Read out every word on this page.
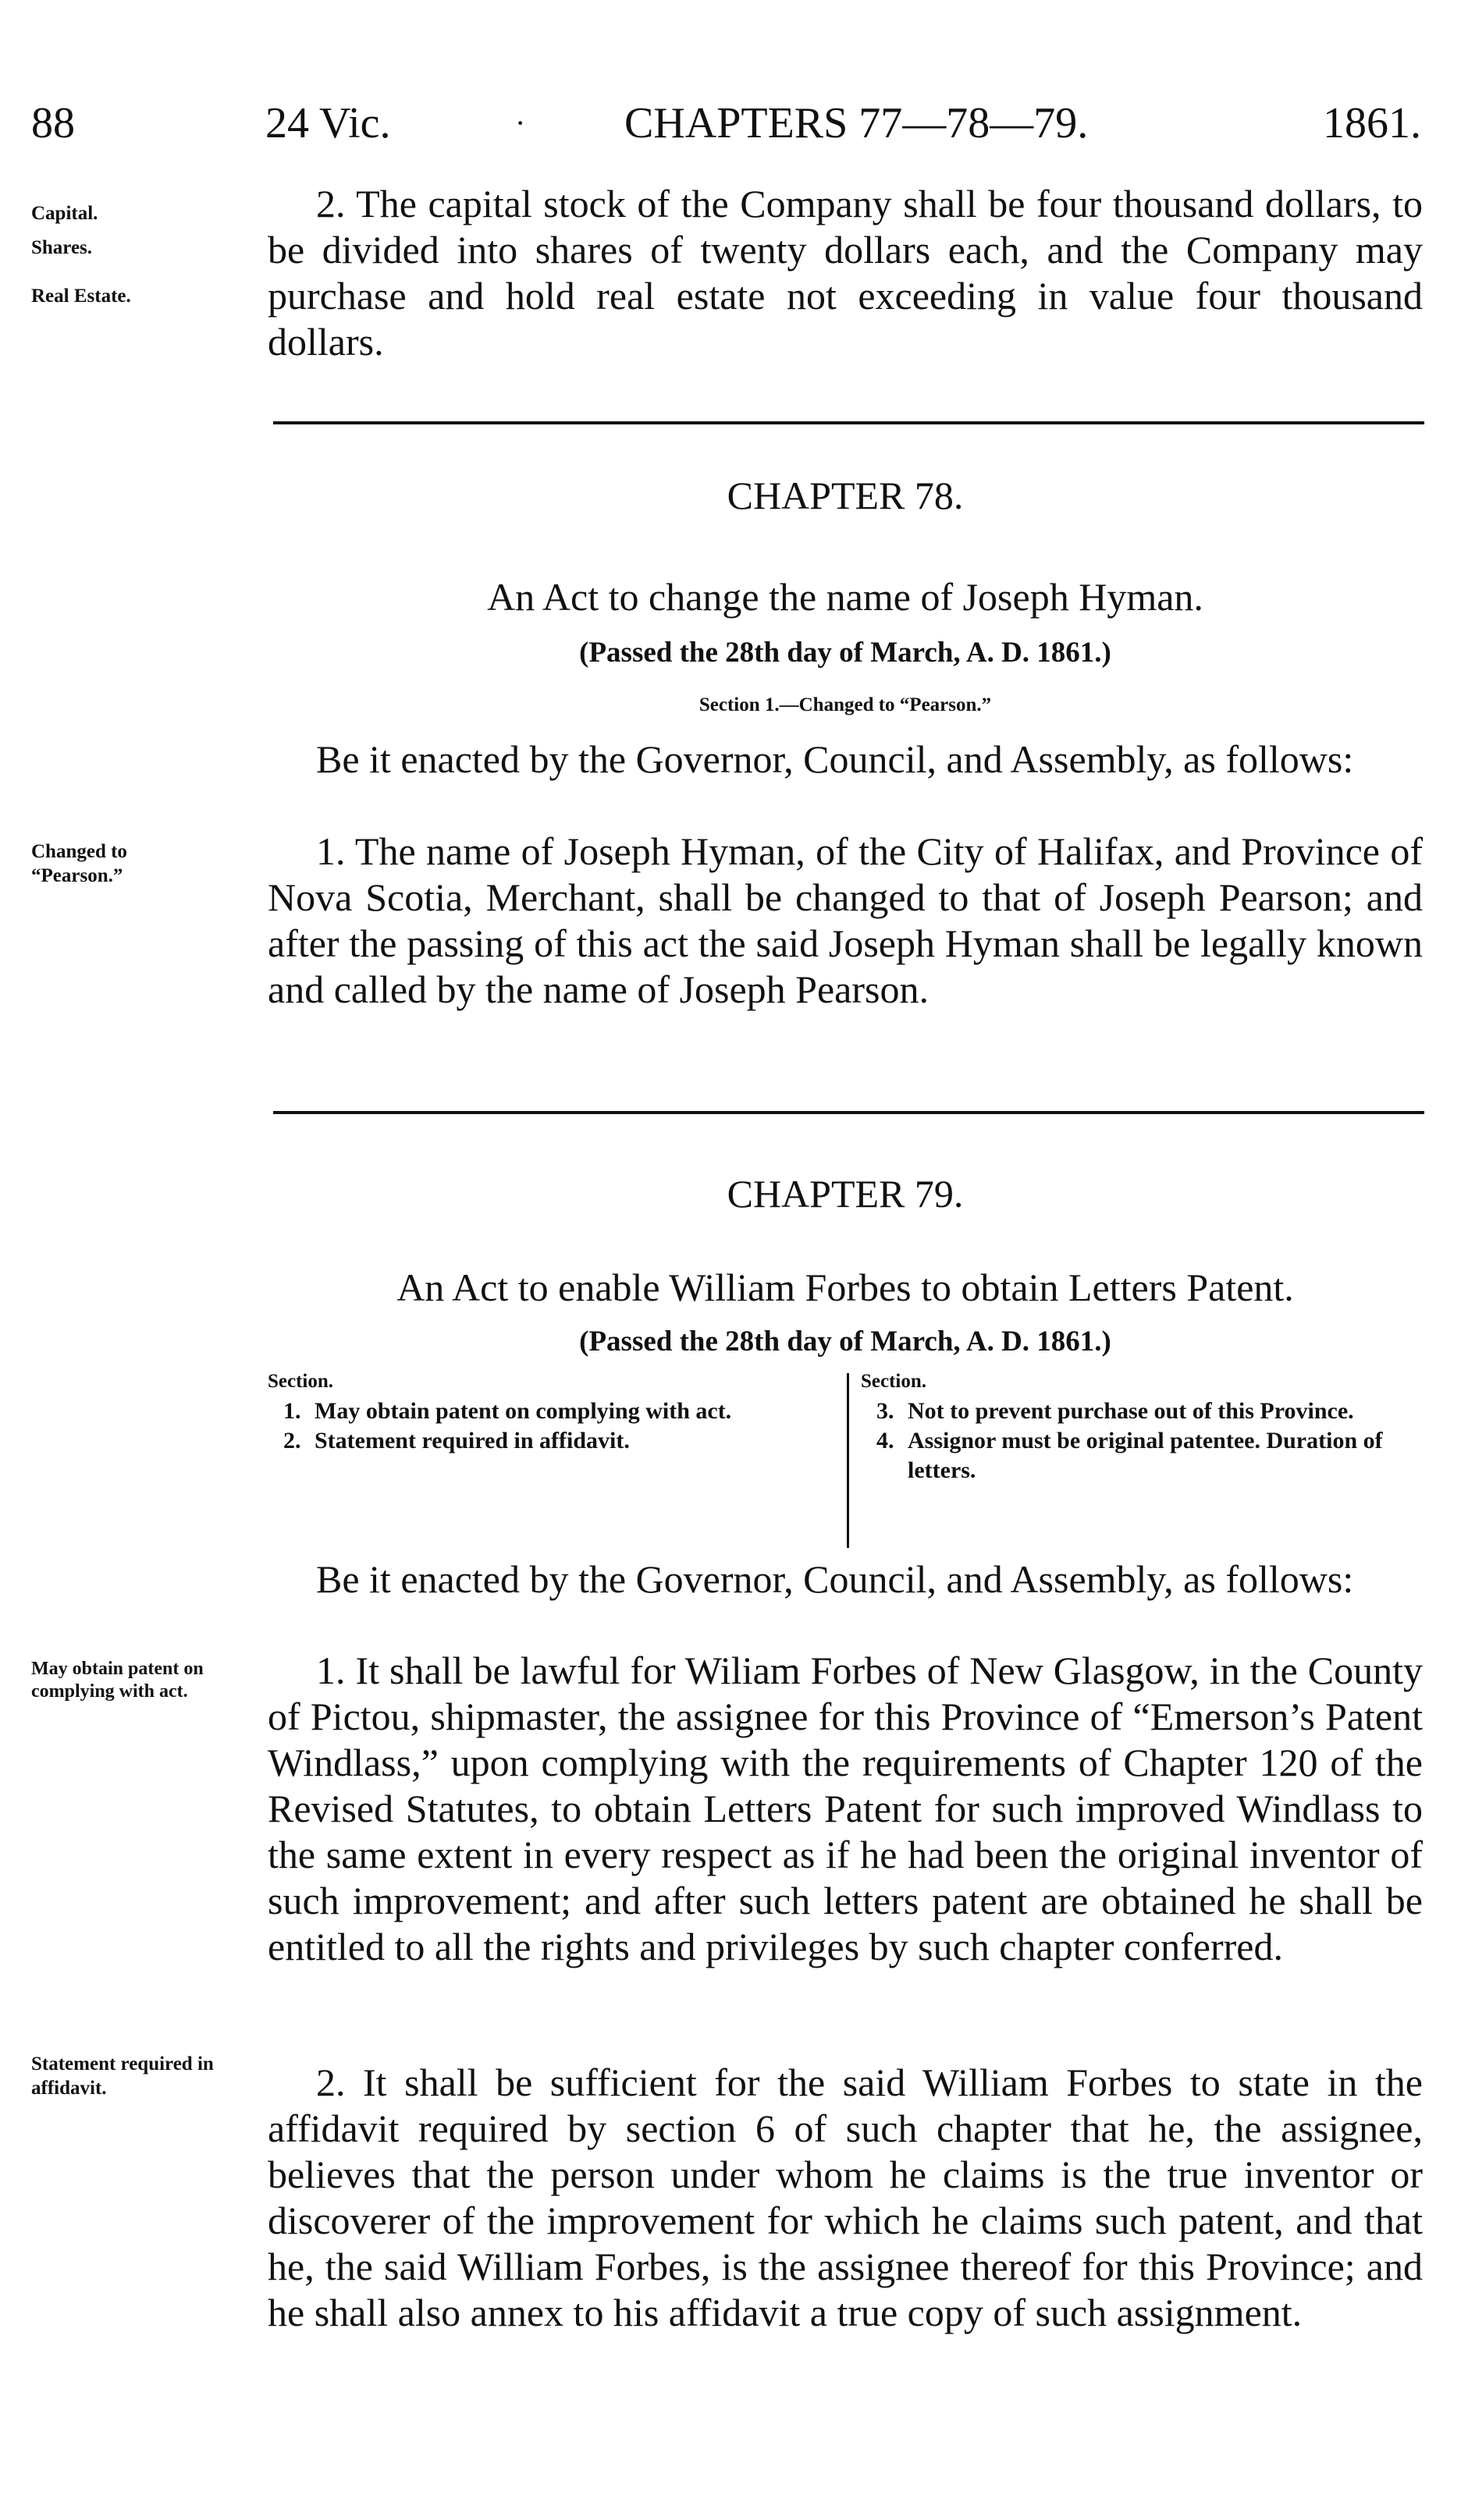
88	24 Vic.	· CHAPTERS 77—78—79.	1861.
Capital.
Shares.
Real Estate.

2. The capital stock of the Company shall be four thousand dollars, to be divided into shares of twenty dollars each, and the Company may purchase and hold real estate not exceeding in value four thousand dollars.

CHAPTER 78.

An Act to change the name of Joseph Hyman.

(Passed the 28th day of March, A. D. 1861.)

Section 1.—Changed to “Pearson.”

Be it enacted by the Governor, Council, and Assembly, as follows:

Changed to “Pearson.”

1. The name of Joseph Hyman, of the City of Halifax, and Province of Nova Scotia, Merchant, shall be changed to that of Joseph Pearson; and after the passing of this act the said Joseph Hyman shall be legally known and called by the name of Joseph Pearson.

CHAPTER 79.

An Act to enable William Forbes to obtain Letters Patent.

(Passed the 28th day of March, A. D. 1861.)

Section.
1. May obtain patent on complying with act.
2. Statement required in affidavit.
Section.
3. Not to prevent purchase out of this Province.
4. Assignor must be original patentee. Duration of letters.

Be it enacted by the Governor, Council, and Assembly, as follows:

May obtain patent on complying with act.	1. It shall be lawful for Wiliam Forbes of New Glasgow, in the County of Pictou, shipmaster, the assignee for this Province of “Emerson’s Patent Windlass,” upon complying with the requirements of Chapter 120 of the Revised Statutes, to obtain Letters Patent for such improved Windlass to the same extent in every respect as if he had been the original inventor of such improvement; and after such letters patent are obtained he shall be entitled to all the rights and privileges by such chapter conferred.

Statement required in affidavit.	2. It shall be sufficient for the said William Forbes to state in the affidavit required by section 6 of such chapter that he, the assignee, believes that the person under whom he claims is the true inventor or discoverer of the improvement for which he claims such patent, and that he, the said William Forbes, is the assignee thereof for this Province; and he shall also annex to his affidavit a true copy of such assignment.
